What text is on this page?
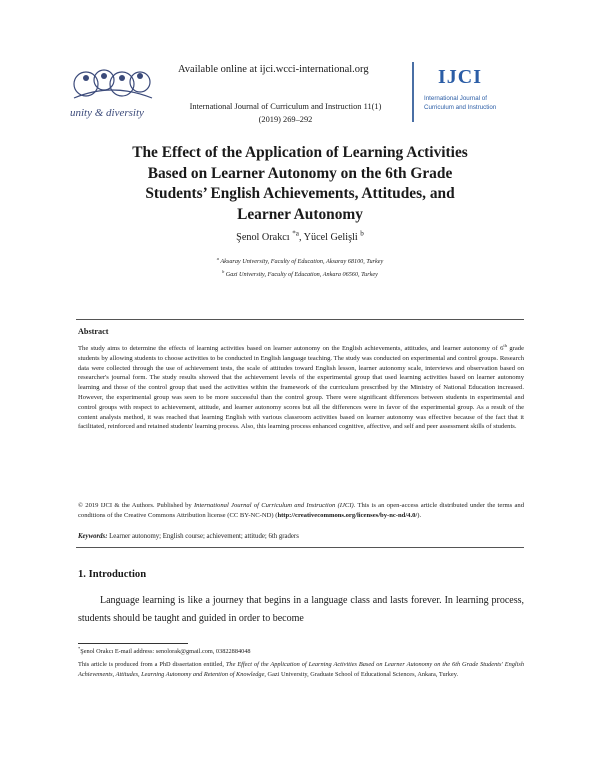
unity & diversity
Available online at ijci.wcci-international.org
International Journal of Curriculum and Instruction 11(1)
(2019) 269–292
IJCI
International Journal of
Curriculum and Instruction
The Effect of the Application of Learning Activities
Based on Learner Autonomy on the 6th Grade
Students’ English Achievements, Attitudes, and
Learner Autonomy
Şenol Orakcı $^{*a}$, Yücel Gelişli $^b$
$^a$ Aksaray University, Faculty of Education, Aksaray 68100, Turkey
$^b$ Gazi University, Faculty of Education, Ankara 06560, Turkey
Abstract
The study aims to determine the effects of learning activities based on learner autonomy on the English achievements, attitudes, and learner autonomy of 6th grade students by allowing students to choose activities to be conducted in English language teaching. The study was conducted on experimental and control groups. Research data were collected through the use of achievement tests, the scale of attitudes toward English lesson, learner autonomy scale, interviews and observation based on researcher's journal form. The study results showed that the achievement levels of the experimental group that used learning activities based on learner autonomy learning and those of the control group that used the activities within the framework of the curriculum prescribed by the Ministry of National Education increased. However, the experimental group was seen to be more successful than the control group. There were significant differences between students in experimental and control groups with respect to achievement, attitude, and learner autonomy scores but all the differences were in favor of the experimental group. As a result of the content analysis method, it was reached that learning English with various classroom activities based on learner autonomy was effective because of the fact that it facilitated, reinforced and retained students' learning process. Also, this learning process enhanced cognitive, affective, and self and peer assessment skills of students.
© 2019 IJCI & the Authors. Published by International Journal of Curriculum and Instruction (IJCI). This is an open-access article distributed under the terms and conditions of the Creative Commons Attribution license (CC BY-NC-ND) (http://creativecommons.org/licenses/by-nc-nd/4.0/).
Keywords: Learner autonomy; English course; achievement; attitude; 6th graders
1. Introduction
Language learning is like a journey that begins in a language class and lasts forever. In learning process, students should be taught and guided in order to become
*Şenol Orakcı E-mail address: senolorak@gmail.com, 03822884048
This article is produced from a PhD dissertation entitled, The Effect of the Application of Learning Activities Based on Learner Autonomy on the 6th Grade Students' English Achievements, Attitudes, Learning Autonomy and Retention of Knowledge, Gazi University, Graduate School of Educational Sciences, Ankara, Turkey.
